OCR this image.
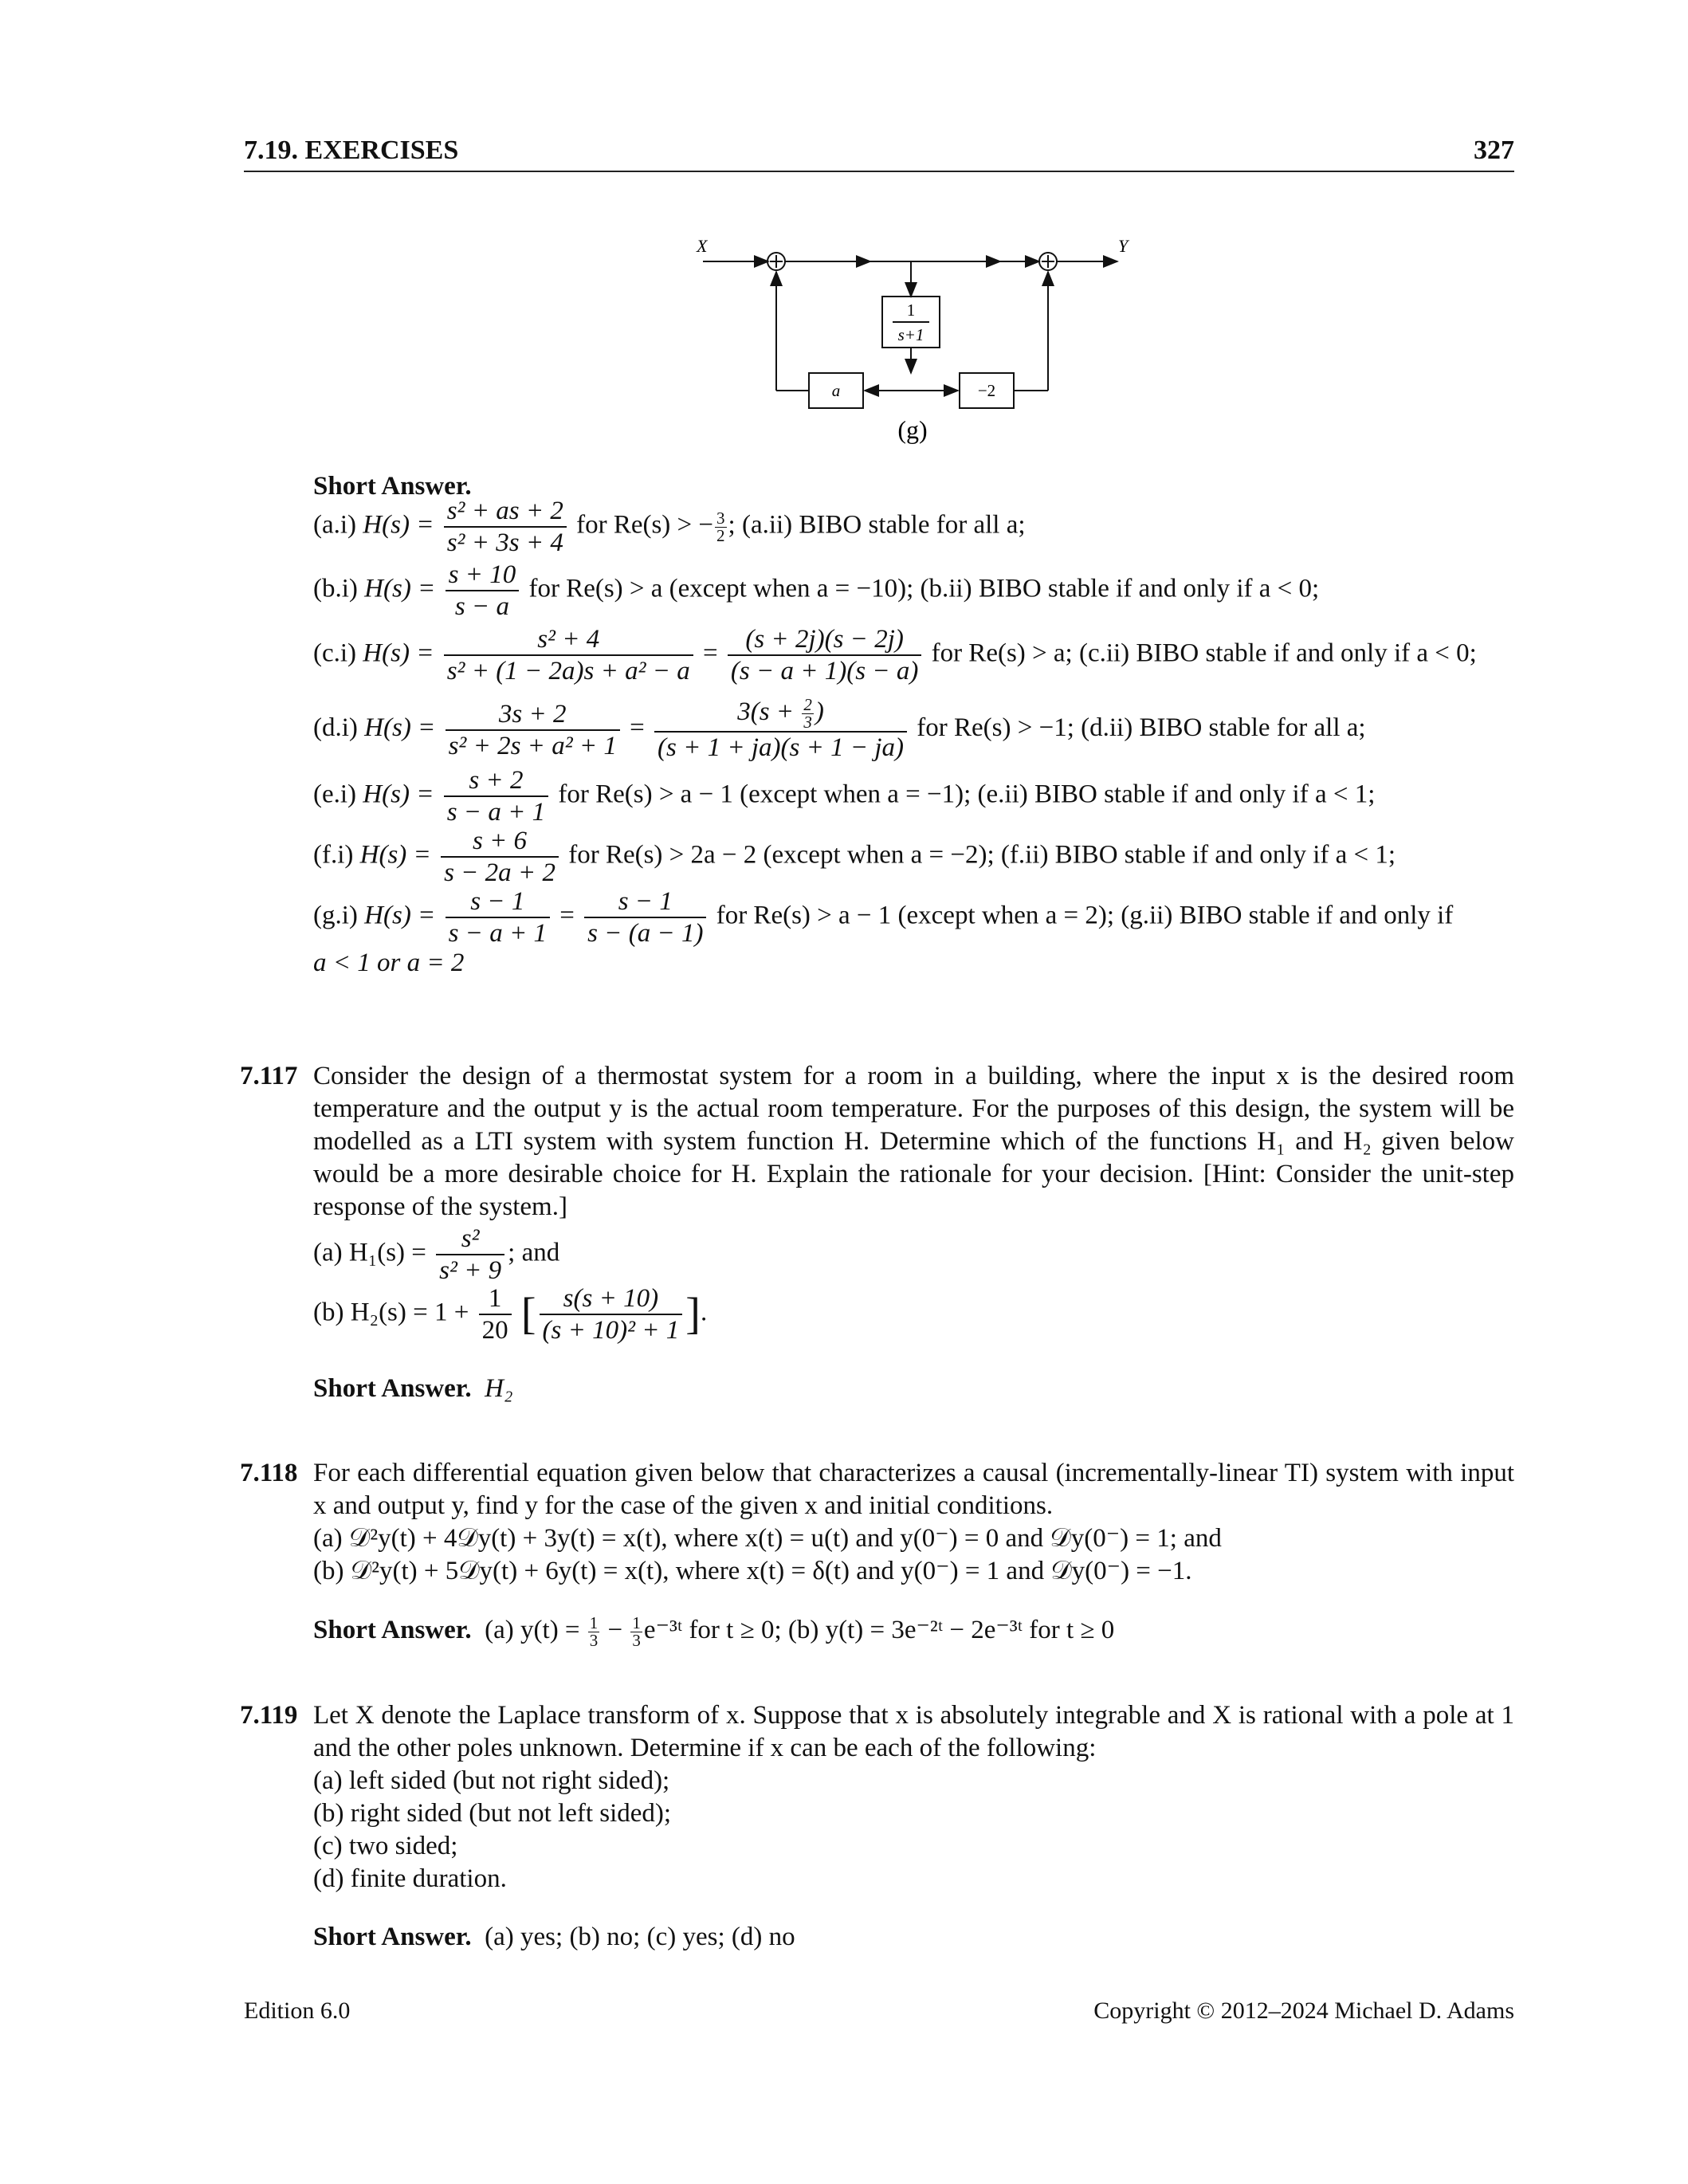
7.19. EXERCISES	327
X	Y
1
s+1
a	−2
(g)
Short Answer.
(a.i) $H(s) = \frac{\text{s² + as + 2}}{\text{s² + 3s + 4}}$ for Re(s) > − $\frac{3}{2}$ ; (a.ii) BIBO stable for all a;
(b.i) $H(s) = \frac{s + 10}{s - a}$ for Re(s) > a (except when a = −10); (b.ii) BIBO stable if and only if a < 0;
(c.i) $H(s) = \frac{\text{s² + 4}}{\text{s² + (1 − 2a)s + a² − a}} = \frac{(s + 2j)(s - 2j)}{(s - a + 1)(s - a)}$ for Re(s) > a; (c.ii) BIBO stable if and only if a < 0;
(d.i) $H(s) = \frac{3s + 2}{\text{s² + 2s + a² + 1}} = \frac{3(s + \frac{2}{3} )}{(s + 1 + ja)(s + 1 - ja)}$ for Re(s) > −1; (d.ii) BIBO stable for all a;
(e.i) $H(s) = \frac{s + 2}{s - a + 1}$ for Re(s) > a − 1 (except when a = −1); (e.ii) BIBO stable if and only if a < 1;
(f.i) $H(s) = \frac{s + 6}{s - 2a + 2}$ for Re(s) > 2a − 2 (except when a = −2); (f.ii) BIBO stable if and only if a < 1;
(g.i) $H(s) = \frac{s - 1}{s - a + 1} = \frac{s - 1}{s - (a - 1)}$ for Re(s) > a − 1 (except when a = 2); (g.ii) BIBO stable if and only if
a < 1 or a = 2
7.117 Consider the design of a thermostat system for a room in a building, where the input x is the desired room temperature and the output y is the actual room temperature. For the purposes of this design, the system will be modelled as a LTI system with system function H. Determine which of the functions H₁ and H₂ given below would be a more desirable choice for H. Explain the rationale for your decision. [Hint: Consider the unit-step response of the system.]
(a) $H_1(s) = \frac{\text{s²}}{\text{s² + 9}}$ ; and
(b) $H_2(s) = 1 + \frac{1}{20}$ [ $\frac{s(s + 10)}{\text{(s + 10)² + 1}}$ ].
Short Answer. H₂
7.118 For each differential equation given below that characterizes a causal (incrementally-linear TI) system with input x and output y, find y for the case of the given x and initial conditions.
(a) 𝒟²y(t) + 4𝒟y(t) + 3y(t) = x(t), where x(t) = u(t) and y(0⁻) = 0 and 𝒟y(0⁻) = 1; and
(b) 𝒟²y(t) + 5𝒟y(t) + 6y(t) = x(t), where x(t) = δ(t) and y(0⁻) = 1 and 𝒟y(0⁻) = −1.
Short Answer. (a) $y(t) = \frac{1}{3} - \frac{1}{3}$ e⁻³ᵗ for t ≥ 0; (b) y(t) = 3e⁻²ᵗ − 2e⁻³ᵗ for t ≥ 0
7.119 Let X denote the Laplace transform of x. Suppose that x is absolutely integrable and X is rational with a pole at 1 and the other poles unknown. Determine if x can be each of the following:
(a) left sided (but not right sided);
(b) right sided (but not left sided);
(c) two sided;
(d) finite duration.
Short Answer. (a) yes; (b) no; (c) yes; (d) no
Edition 6.0	Copyright © 2012–2024 Michael D. Adams
